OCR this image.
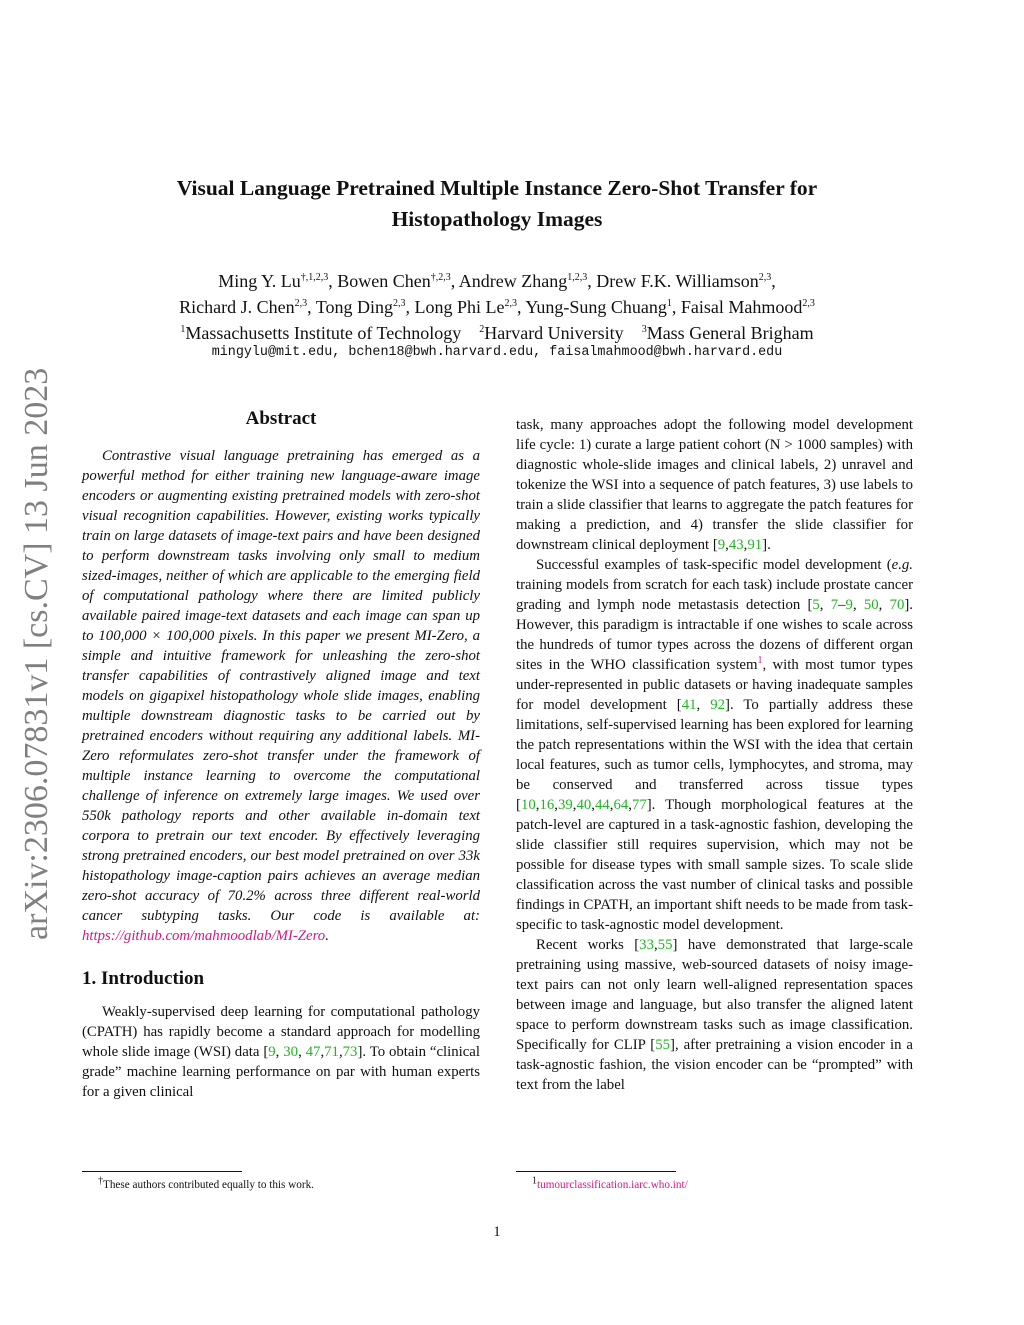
arXiv:2306.07831v1 [cs.CV] 13 Jun 2023
Visual Language Pretrained Multiple Instance Zero-Shot Transfer for
Histopathology Images
Ming Y. $Lu^{\dagger,1,2,3}$, Bowen Chen$^{\dagger,2,3}$, Andrew Zhang$^{1,2,3}$, Drew F.K. Williamson$^{2,3}$,
Richard J. Chen$^{2,3}$, Tong Ding$^{2,3}$, Long Phi Le$^{2,3}$, Yung-Sung Chuang$^1$, Faisal Mahmood$^{2,3}$
$^1$Massachusetts Institute of Technology $^2$Harvard University $^3$Mass General Brigham
mingylu@mit.edu, bchen18@bwh.harvard.edu, faisalmahmood@bwh.harvard.edu
Abstract

Contrastive visual language pretraining has emerged as a powerful method for either training new language-aware image encoders or augmenting existing pretrained models with zero-shot visual recognition capabilities. However, existing works typically train on large datasets of image-text pairs and have been designed to perform downstream tasks involving only small to medium sized-images, neither of which are applicable to the emerging field of computational pathology where there are limited publicly available paired image-text datasets and each image can span up to 100,000 × 100,000 pixels. In this paper we present MI-Zero, a simple and intuitive framework for unleashing the zero-shot transfer capabilities of contrastively aligned image and text models on gigapixel histopathology whole slide images, enabling multiple downstream diagnostic tasks to be carried out by pretrained encoders without requiring any additional labels. MI-Zero reformulates zero-shot transfer under the framework of multiple instance learning to overcome the computational challenge of inference on extremely large images. We used over 550k pathology reports and other available in-domain text corpora to pretrain our text encoder. By effectively leveraging strong pretrained encoders, our best model pretrained on over 33k histopathology image-caption pairs achieves an average median zero-shot accuracy of 70.2% across three different real-world cancer subtyping tasks. Our code is available at: https://github.com/mahmoodlab/MI-Zero.

1. Introduction

Weakly-supervised deep learning for computational pathology (CPATH) has rapidly become a standard approach for modelling whole slide image (WSI) data [9, 30, 47,71,73]. To obtain “clinical grade” machine learning performance on par with human experts for a given clinical

task, many approaches adopt the following model development life cycle: 1) curate a large patient cohort (N > 1000 samples) with diagnostic whole-slide images and clinical labels, 2) unravel and tokenize the WSI into a sequence of patch features, 3) use labels to train a slide classifier that learns to aggregate the patch features for making a prediction, and 4) transfer the slide classifier for downstream clinical deployment [9,43,91].

Successful examples of task-specific model development (e.g. training models from scratch for each task) include prostate cancer grading and lymph node metastasis detection [5, 7–9, 50, 70]. However, this paradigm is intractable if one wishes to scale across the hundreds of tumor types across the dozens of different organ sites in the WHO classification system$^1$, with most tumor types under-represented in public datasets or having inadequate samples for model development [41, 92]. To partially address these limitations, self-supervised learning has been explored for learning the patch representations within the WSI with the idea that certain local features, such as tumor cells, lymphocytes, and stroma, may be conserved and transferred across tissue types [10,16,39,40,44,64,77]. Though morphological features at the patch-level are captured in a task-agnostic fashion, developing the slide classifier still requires supervision, which may not be possible for disease types with small sample sizes. To scale slide classification across the vast number of clinical tasks and possible findings in CPATH, an important shift needs to be made from task-specific to task-agnostic model development.

Recent works [33,55] have demonstrated that large-scale pretraining using massive, web-sourced datasets of noisy image-text pairs can not only learn well-aligned representation spaces between image and language, but also transfer the aligned latent space to perform downstream tasks such as image classification. Specifically for CLIP [55], after pretraining a vision encoder in a task-agnostic fashion, the vision encoder can be “prompted” with text from the label

†These authors contributed equally to this work.	$^1$tumourclassification.iarc.who.int/
1
